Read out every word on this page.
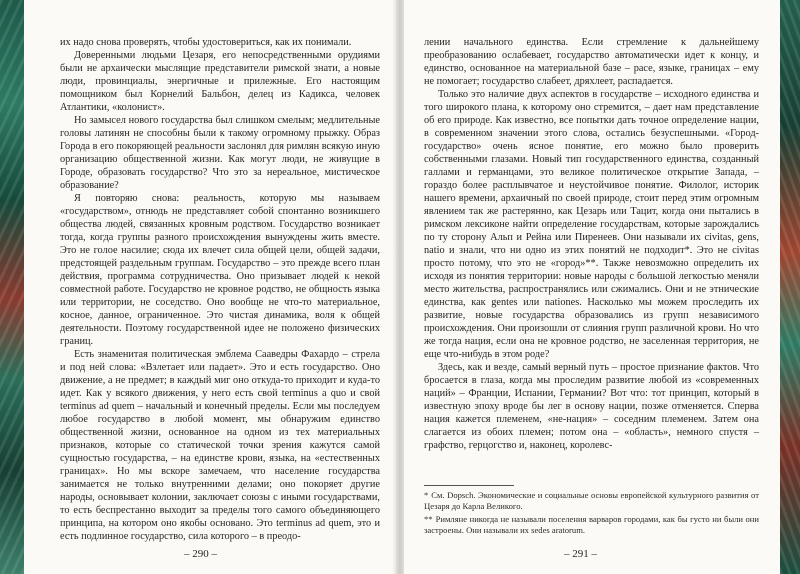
их надо снова проверять, чтобы удостовериться, как их понимали.

Доверенными людьми Цезаря, его непосредственными орудиями были не архаически мыслящие представители римской знати, а новые люди, провинциалы, энергичные и прилежные. Его настоящим помощником был Корнелий Бальбон, делец из Кадикса, человек Атлантики, «колонист».

Но замысел нового государства был слишком смелым; медлительные головы латинян не способны были к такому огромному прыжку. Образ Города в его покоряющей реальности заслонял для римлян всякую иную организацию общественной жизни. Как могут люди, не живущие в Городе, образовать государство? Что это за нереальное, мистическое образование?

Я повторяю снова: реальность, которую мы называем «государством», отнюдь не представляет собой спонтанно возникшего общества людей, связанных кровным родством. Государство возникает тогда, когда группы разного происхождения вынуждены жить вместе. Это не голое насилие; сюда их влечет сила общей цели, общей задачи, предстоящей раздельным группам. Государство – это прежде всего план действия, программа сотрудничества. Оно призывает людей к некой совместной работе. Государство не кровное родство, не общность языка или территории, не соседство. Оно вообще не что-то материальное, косное, данное, ограниченное. Это чистая динамика, воля к общей деятельности. Поэтому государственной идее не положено физических границ.

Есть знаменитая политическая эмблема Сааведры Фахардо – стрела и под ней слова: «Взлетает или падает». Это и есть государство. Оно движение, а не предмет; в каждый миг оно откуда-то приходит и куда-то идет. Как у всякого движения, у него есть свой terminus a quo и свой terminus ad quem – начальный и конечный пределы. Если мы последуем любое государство в любой момент, мы обнаружим единство общественной жизни, основанное на одном из тех материальных признаков, которые со статической точки зрения кажутся самой сущностью государства, – на единстве крови, языка, на «естественных границах». Но мы вскоре замечаем, что население государства занимается не только внутренними делами; оно покоряет другие народы, основывает колонии, заключает союзы с иными государствами, то есть беспрестанно выходит за пределы того самого объединяющего принципа, на котором оно якобы основано. Это terminus ad quem, это и есть подлинное государство, сила которого – в преодо-

– 290 –

лении начального единства. Если стремление к дальнейшему преобразованию ослабевает, государство автоматически идет к концу, и единство, основанное на материальной базе – расе, языке, границах – ему не помогает; государство слабеет, дряхлеет, распадается.

Только это наличие двух аспектов в государстве – исходного единства и того широкого плана, к которому оно стремится, – дает нам представление об его природе. Как известно, все попытки дать точное определение нации, в современном значении этого слова, остались безуспешными. «Город-государство» очень ясное понятие, его можно было проверить собственными глазами. Новый тип государственного единства, созданный галлами и германцами, это великое политическое открытие Запада, – гораздо более расплывчатое и неустойчивое понятие. Филолог, историк нашего времени, архаичный по своей природе, стоит перед этим огромным явлением так же растерянно, как Цезарь или Тацит, когда они пытались в римском лексиконе найти определение государствам, которые зарождались по ту сторону Альп и Рейна или Пиренеев. Они называли их civitas, gens, natio и знали, что ни одно из этих понятий не подходит*. Это не civitas просто потому, что это не «город»**. Также невозможно определить их исходя из понятия территории: новые народы с большой легкостью меняли место жительства, распространялись или сжимались. Они и не этнические единства, как gentes или nationes. Насколько мы можем проследить их развитие, новые государства образовались из групп независимого происхождения. Они произошли от слияния групп различной крови. Но что же тогда нация, если она не кровное родство, не заселенная территория, не еще что-нибудь в этом роде?

Здесь, как и везде, самый верный путь – простое признание фактов. Что бросается в глаза, когда мы проследим развитие любой из «современных наций» – Франции, Испании, Германии? Вот что: тот принцип, который в известную эпоху вроде бы лег в основу нации, позже отменяется. Сперва нация кажется племенем, «не-нация» – соседним племенем. Затем она слагается из обоих племен; потом она – «область», немного спустя – графство, герцогство и, наконец, королевс-

* См. Dopsch. Экономические и социальные основы европейской культурного развития от Цезаря до Карла Великого.

** Римляне никогда не называли поселения варваров городами, как бы густо ни были они застроены. Они называли их sedes aratorum.

– 291 –
